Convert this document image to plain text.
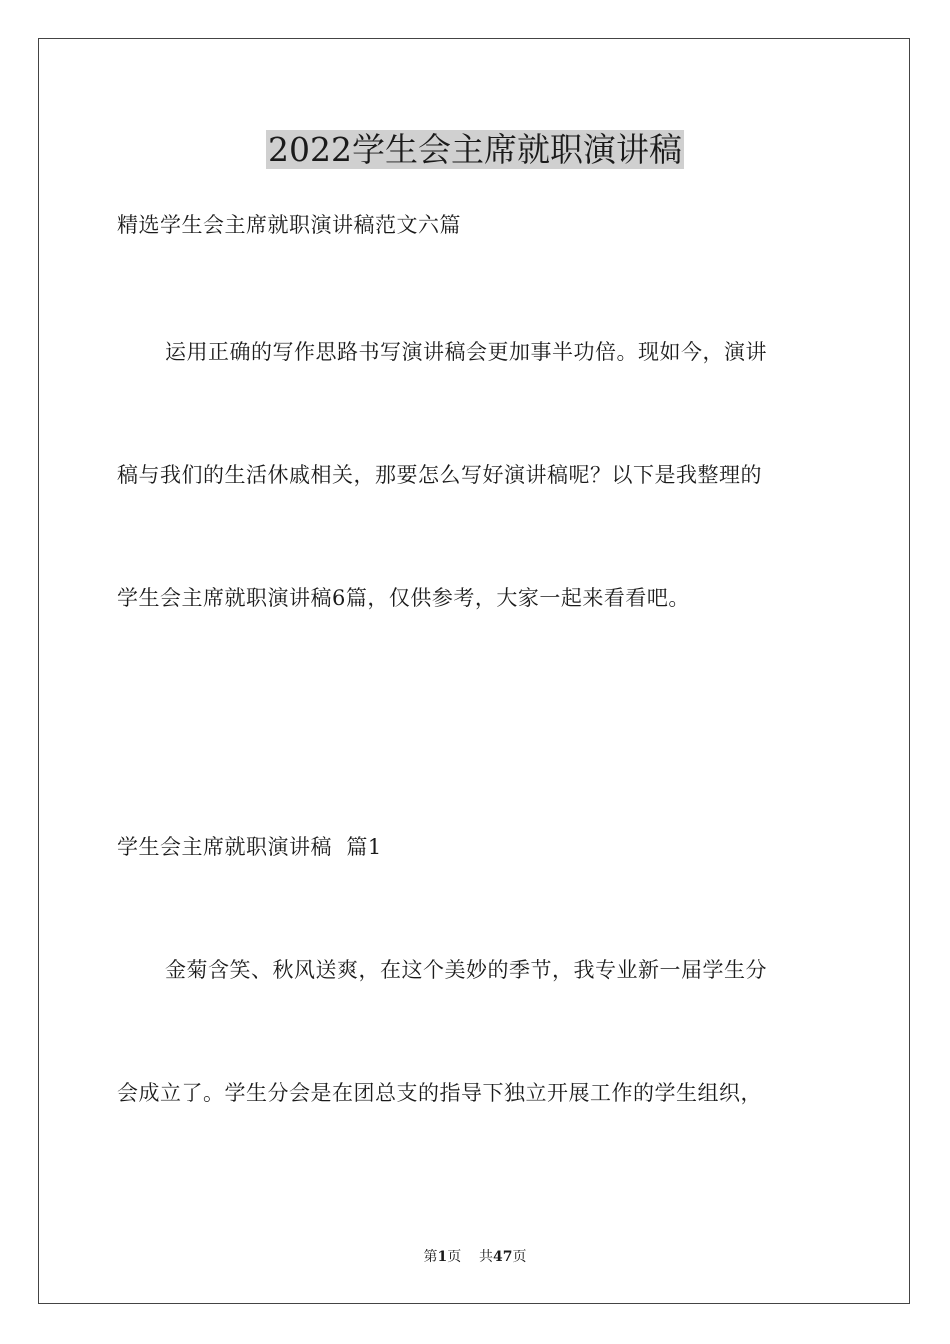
2022学生会主席就职演讲稿
精选学生会主席就职演讲稿范文六篇
运用正确的写作思路书写演讲稿会更加事半功倍。现如今，演讲
稿与我们的生活休戚相关，那要怎么写好演讲稿呢？以下是我整理的
学生会主席就职演讲稿6篇，仅供参考，大家一起来看看吧。
学生会主席就职演讲稿  篇1
金菊含笑、秋风送爽，在这个美妙的季节，我专业新一届学生分
会成立了。学生分会是在团总支的指导下独立开展工作的学生组织，
第1页 共47页
